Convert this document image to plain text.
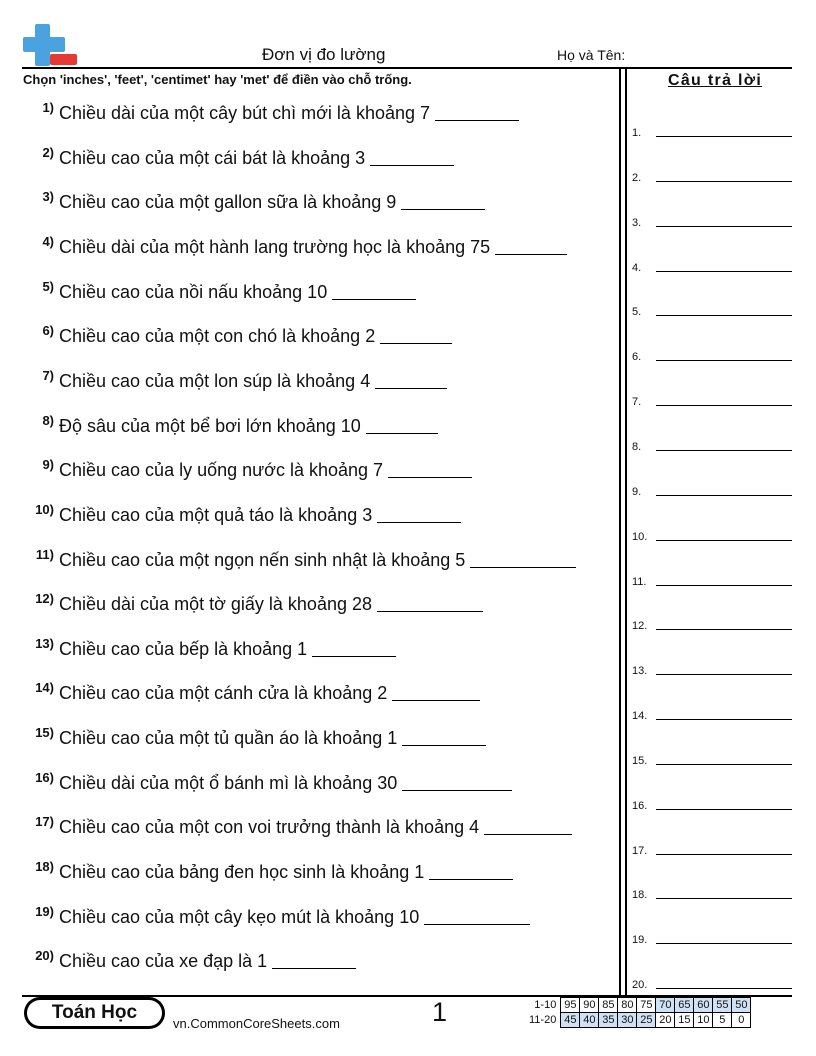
Đơn vị đo lường	Họ và Tên:
Chọn 'inches', 'feet', 'centimet' hay 'met' để điền vào chỗ trống.	Câu trả lời
1) Chiều dài của một cây bút chì mới là khoảng 7
2) Chiều cao của một cái bát là khoảng 3
3) Chiều cao của một gallon sữa là khoảng 9
4) Chiều dài của một hành lang trường học là khoảng 75
5) Chiều cao của nồi nấu khoảng 10
6) Chiều cao của một con chó là khoảng 2
7) Chiều cao của một lon súp là khoảng 4
8) Độ sâu của một bể bơi lớn khoảng 10
9) Chiều cao của ly uống nước là khoảng 7
10) Chiều cao của một quả táo là khoảng 3
11) Chiều cao của một ngọn nến sinh nhật là khoảng 5
12) Chiều dài của một tờ giấy là khoảng 28
13) Chiều cao của bếp là khoảng 1
14) Chiều cao của một cánh cửa là khoảng 2
15) Chiều cao của một tủ quần áo là khoảng 1
16) Chiều dài của một ổ bánh mì là khoảng 30
17) Chiều cao của một con voi trưởng thành là khoảng 4
18) Chiều cao của bảng đen học sinh là khoảng 1
19) Chiều cao của một cây kẹo mút là khoảng 10
20) Chiều cao của xe đạp là 1
1.
2.
3.
4.
5.
6.
7.
8.
9.
10.
11.
12.
13.
14.
15.
16.
17.
18.
19.
20.
Toán Học
vn.CommonCoreSheets.com	1	1-10	95	90	85	80	75	70	65	60	55	50
11-20	45	40	35	30	25	20	15	10	5	0
